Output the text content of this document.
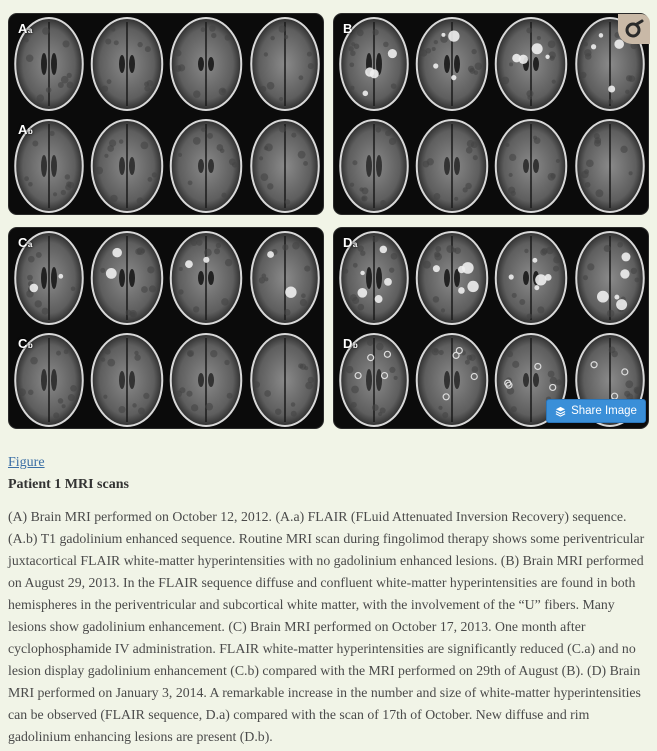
Aa
Ab
B
Ca
Cb
Da
Db
Share Image
Figure
Patient 1 MRI scans

(A) Brain MRI performed on October 12, 2012. (A.a) FLAIR (FLuid Attenuated Inversion Recovery) sequence. (A.b) T1 gadolinium enhanced sequence. Routine MRI scan during fingolimod therapy shows some periventricular juxtacortical FLAIR white-matter hyperintensities with no gadolinium enhanced lesions. (B) Brain MRI performed on August 29, 2013. In the FLAIR sequence diffuse and confluent white-matter hyperintensities are found in both hemispheres in the periventricular and subcortical white matter, with the involvement of the “U” fibers. Many lesions show gadolinium enhancement. (C) Brain MRI performed on October 17, 2013. One month after cyclophosphamide IV administration. FLAIR white-matter hyperintensities are significantly reduced (C.a) and no lesion display gadolinium enhancement (C.b) compared with the MRI performed on 29th of August (B). (D) Brain MRI performed on January 3, 2014. A remarkable increase in the number and size of white-matter hyperintensities can be observed (FLAIR sequence, D.a) compared with the scan of 17th of October. New diffuse and rim gadolinium enhancing lesions are present (D.b).
